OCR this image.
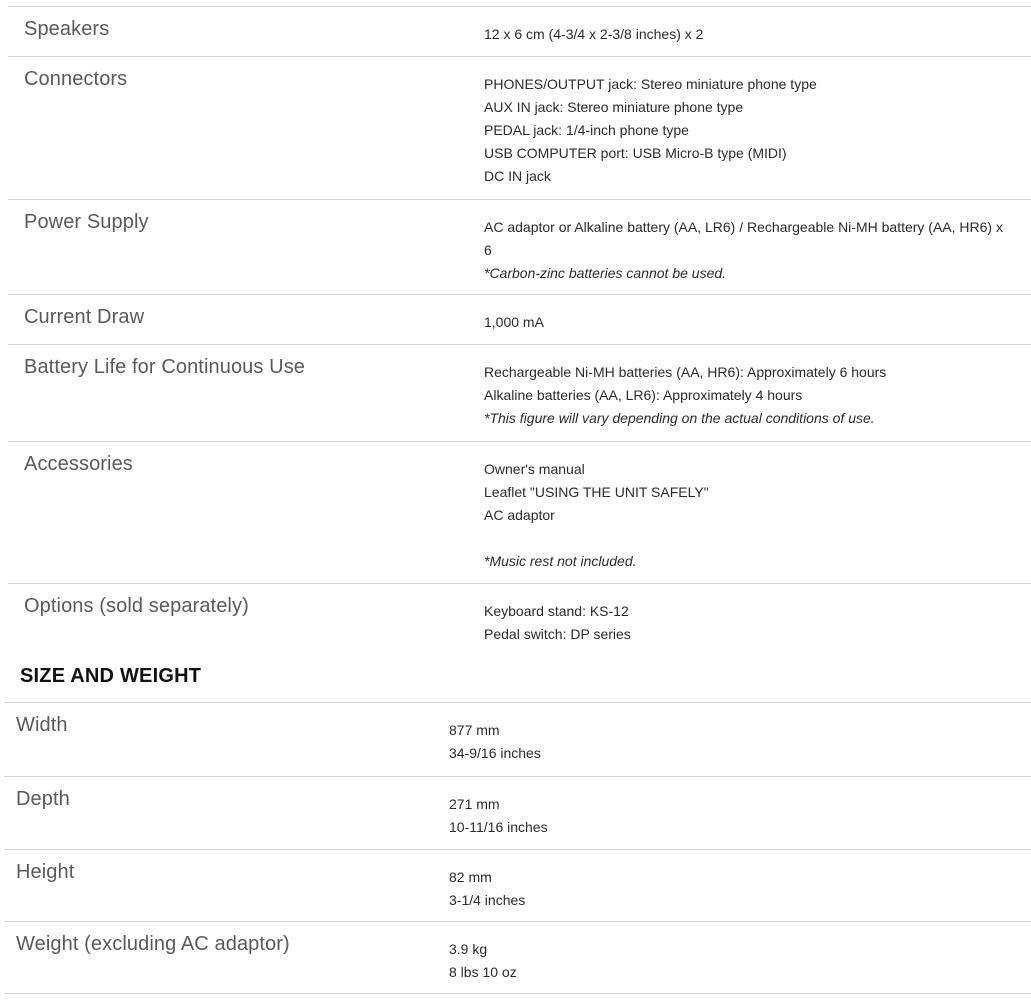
Speakers	12 x 6 cm (4-3/4 x 2-3/8 inches) x 2
Connectors	PHONES/OUTPUT jack: Stereo miniature phone type
AUX IN jack: Stereo miniature phone type
PEDAL jack: 1/4-inch phone type
USB COMPUTER port: USB Micro-B type (MIDI)
DC IN jack
Power Supply	AC adaptor or Alkaline battery (AA, LR6) / Rechargeable Ni-MH battery (AA, HR6) x 6
*Carbon-zinc batteries cannot be used.
Current Draw	1,000 mA
Battery Life for Continuous Use	Rechargeable Ni-MH batteries (AA, HR6): Approximately 6 hours
Alkaline batteries (AA, LR6): Approximately 4 hours
*This figure will vary depending on the actual conditions of use.
Accessories	Owner's manual
Leaflet "USING THE UNIT SAFELY"
AC adaptor
*Music rest not included.
Options (sold separately)	Keyboard stand: KS-12
Pedal switch: DP series
SIZE AND WEIGHT
Width	877 mm
34-9/16 inches
Depth	271 mm
10-11/16 inches
Height	82 mm
3-1/4 inches
Weight (excluding AC adaptor)	3.9 kg
8 lbs 10 oz
